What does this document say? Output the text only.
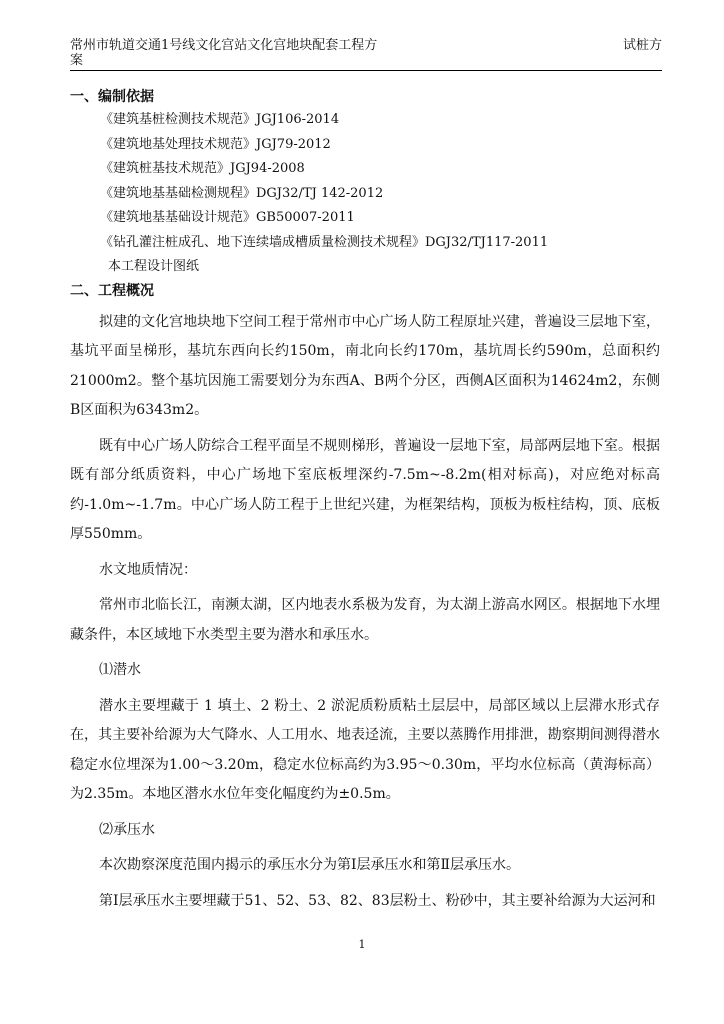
常州市轨道交通1号线文化宫站文化宫地块配套工程方案
试桩方
一、编制依据

《建筑基桩检测技术规范》JGJ106-2014

《建筑地基处理技术规范》JGJ79-2012

《建筑桩基技术规范》JGJ94-2008

《建筑地基基础检测规程》DGJ32/TJ 142-2012

《建筑地基基础设计规范》GB50007-2011

《钻孔灌注桩成孔、地下连续墙成槽质量检测技术规程》DGJ32/TJ117-2011

本工程设计图纸

二、工程概况

拟建的文化宫地块地下空间工程于常州市中心广场人防工程原址兴建，普遍设三层地下室，基坑平面呈梯形，基坑东西向长约150m，南北向长约170m，基坑周长约590m，总面积约21000m2。整个基坑因施工需要划分为东西A、B两个分区，西侧A区面积为14624m2，东侧B区面积为6343m2。

既有中心广场人防综合工程平面呈不规则梯形，普遍设一层地下室，局部两层地下室。根据既有部分纸质资料，中心广场地下室底板埋深约-7.5m~-8.2m(相对标高)，对应绝对标高约-1.0m~-1.7m。中心广场人防工程于上世纪兴建，为框架结构，顶板为板柱结构，顶、底板厚550mm。

水文地质情况：

常州市北临长江，南濒太湖，区内地表水系极为发育，为太湖上游高水网区。根据地下水埋藏条件，本区域地下水类型主要为潜水和承压水。

⑴潜水

潜水主要埋藏于 1 填土、2 粉土、2 淤泥质粉质粘土层层中，局部区域以上层滞水形式存在，其主要补给源为大气降水、人工用水、地表迳流，主要以蒸腾作用排泄，勘察期间测得潜水稳定水位埋深为1.00～3.20m，稳定水位标高约为3.95～0.30m，平均水位标高（黄海标高）为2.35m。本地区潜水水位年变化幅度约为±0.5m。

⑵承压水

本次勘察深度范围内揭示的承压水分为第Ⅰ层承压水和第Ⅱ层承压水。

第Ⅰ层承压水主要埋藏于51、52、53、82、83层粉土、粉砂中，其主要补给源为大运河和

1
